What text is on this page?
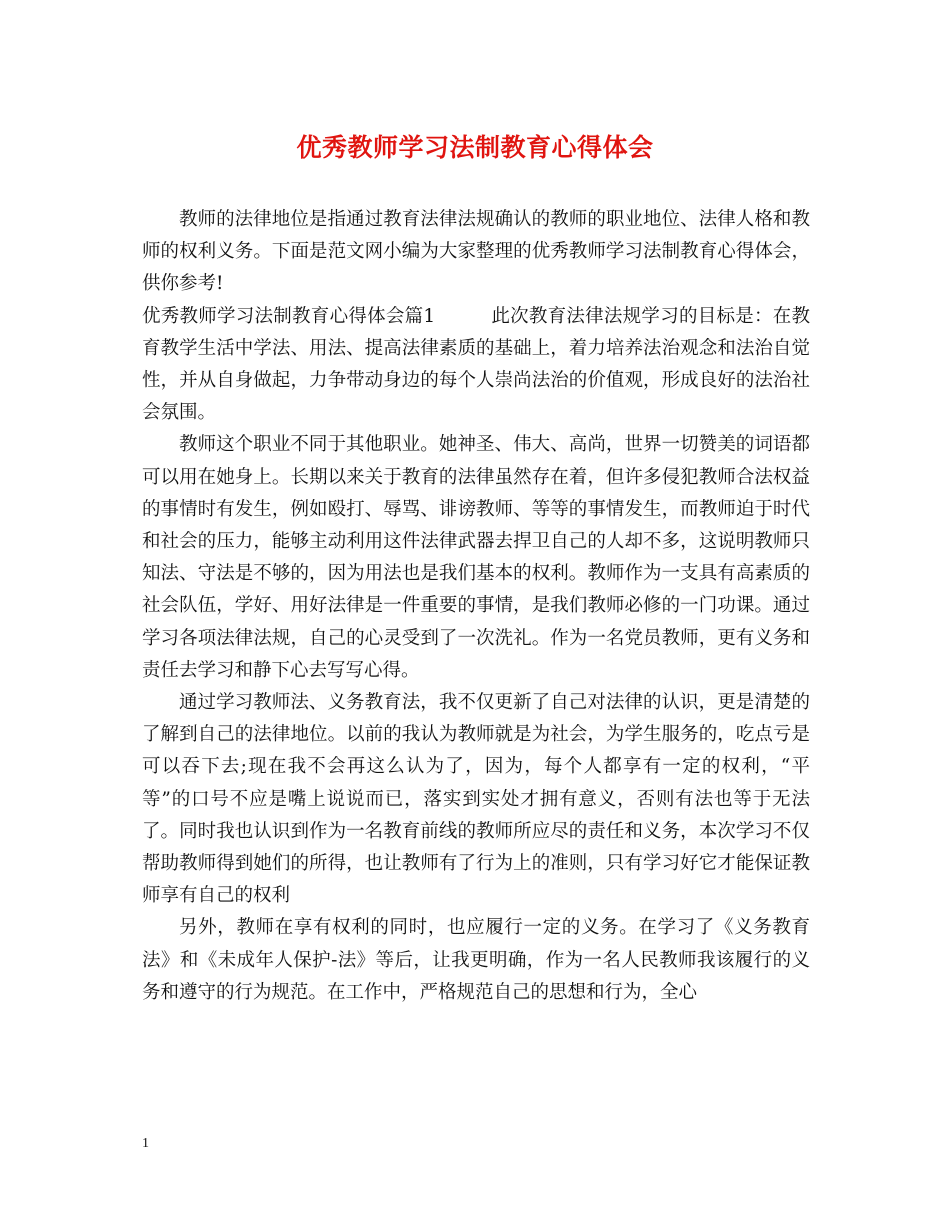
优秀教师学习法制教育心得体会

教师的法律地位是指通过教育法律法规确认的教师的职业地位、法律人格和教师的权利义务。下面是范文网小编为大家整理的优秀教师学习法制教育心得体会，供你参考!

优秀教师学习法制教育心得体会篇1	此次教育法律法规学习的目标是：在教育教学生活中学法、用法、提高法律素质的基础上，着力培养法治观念和法治自觉性，并从自身做起，力争带动身边的每个人崇尚法治的价值观，形成良好的法治社会氛围。

教师这个职业不同于其他职业。她神圣、伟大、高尚，世界一切赞美的词语都可以用在她身上。长期以来关于教育的法律虽然存在着，但许多侵犯教师合法权益的事情时有发生，例如殴打、辱骂、诽谤教师、等等的事情发生，而教师迫于时代和社会的压力，能够主动利用这件法律武器去捍卫自己的人却不多，这说明教师只知法、守法是不够的，因为用法也是我们基本的权利。教师作为一支具有高素质的社会队伍，学好、用好法律是一件重要的事情，是我们教师必修的一门功课。通过学习各项法律法规，自己的心灵受到了一次洗礼。作为一名党员教师，更有义务和责任去学习和静下心去写写心得。

通过学习教师法、义务教育法，我不仅更新了自己对法律的认识，更是清楚的了解到自己的法律地位。以前的我认为教师就是为社会，为学生服务的，吃点亏是可以吞下去;现在我不会再这么认为了，因为，每个人都享有一定的权利，“平等”的口号不应是嘴上说说而已，落实到实处才拥有意义，否则有法也等于无法了。同时我也认识到作为一名教育前线的教师所应尽的责任和义务，本次学习不仅帮助教师得到她们的所得，也让教师有了行为上的准则，只有学习好它才能保证教师享有自己的权利

另外，教师在享有权利的同时，也应履行一定的义务。在学习了《义务教育法》和《未成年人保护-法》等后，让我更明确，作为一名人民教师我该履行的义务和遵守的行为规范。在工作中，严格规范自己的思想和行为，全心

1
